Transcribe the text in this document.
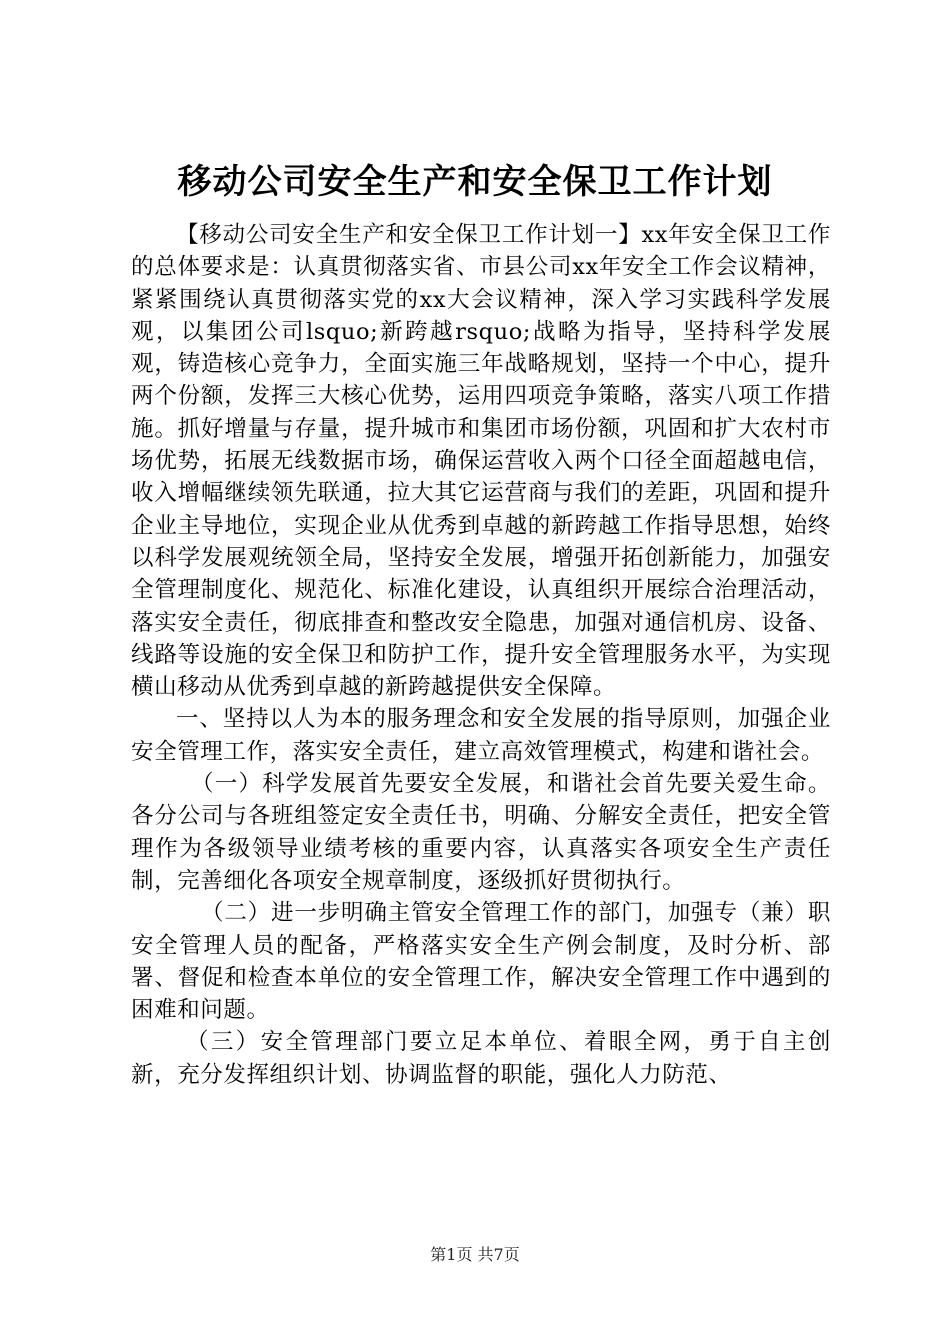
移动公司安全生产和安全保卫工作计划

【移动公司安全生产和安全保卫工作计划一】xx年安全保卫工作的总体要求是：认真贯彻落实省、市县公司xx年安全工作会议精神，紧紧围绕认真贯彻落实党的xx大会议精神，深入学习实践科学发展观，以集团公司lsquo;新跨越rsquo;战略为指导，坚持科学发展观，铸造核心竞争力，全面实施三年战略规划，坚持一个中心，提升两个份额，发挥三大核心优势，运用四项竞争策略，落实八项工作措施。抓好增量与存量，提升城市和集团市场份额，巩固和扩大农村市场优势，拓展无线数据市场，确保运营收入两个口径全面超越电信，收入增幅继续领先联通，拉大其它运营商与我们的差距，巩固和提升企业主导地位，实现企业从优秀到卓越的新跨越工作指导思想，始终以科学发展观统领全局，坚持安全发展，增强开拓创新能力，加强安全管理制度化、规范化、标准化建设，认真组织开展综合治理活动，落实安全责任，彻底排查和整改安全隐患，加强对通信机房、设备、线路等设施的安全保卫和防护工作，提升安全管理服务水平，为实现横山移动从优秀到卓越的新跨越提供安全保障。

一、坚持以人为本的服务理念和安全发展的指导原则，加强企业安全管理工作，落实安全责任，建立高效管理模式，构建和谐社会。

（一）科学发展首先要安全发展，和谐社会首先要关爱生命。各分公司与各班组签定安全责任书，明确、分解安全责任，把安全管理作为各级领导业绩考核的重要内容，认真落实各项安全生产责任制，完善细化各项安全规章制度，逐级抓好贯彻执行。

（二）进一步明确主管安全管理工作的部门，加强专（兼）职安全管理人员的配备，严格落实安全生产例会制度，及时分析、部署、督促和检查本单位的安全管理工作，解决安全管理工作中遇到的困难和问题。

（三）安全管理部门要立足本单位、着眼全网，勇于自主创新，充分发挥组织计划、协调监督的职能，强化人力防范、

第1页 共7页
